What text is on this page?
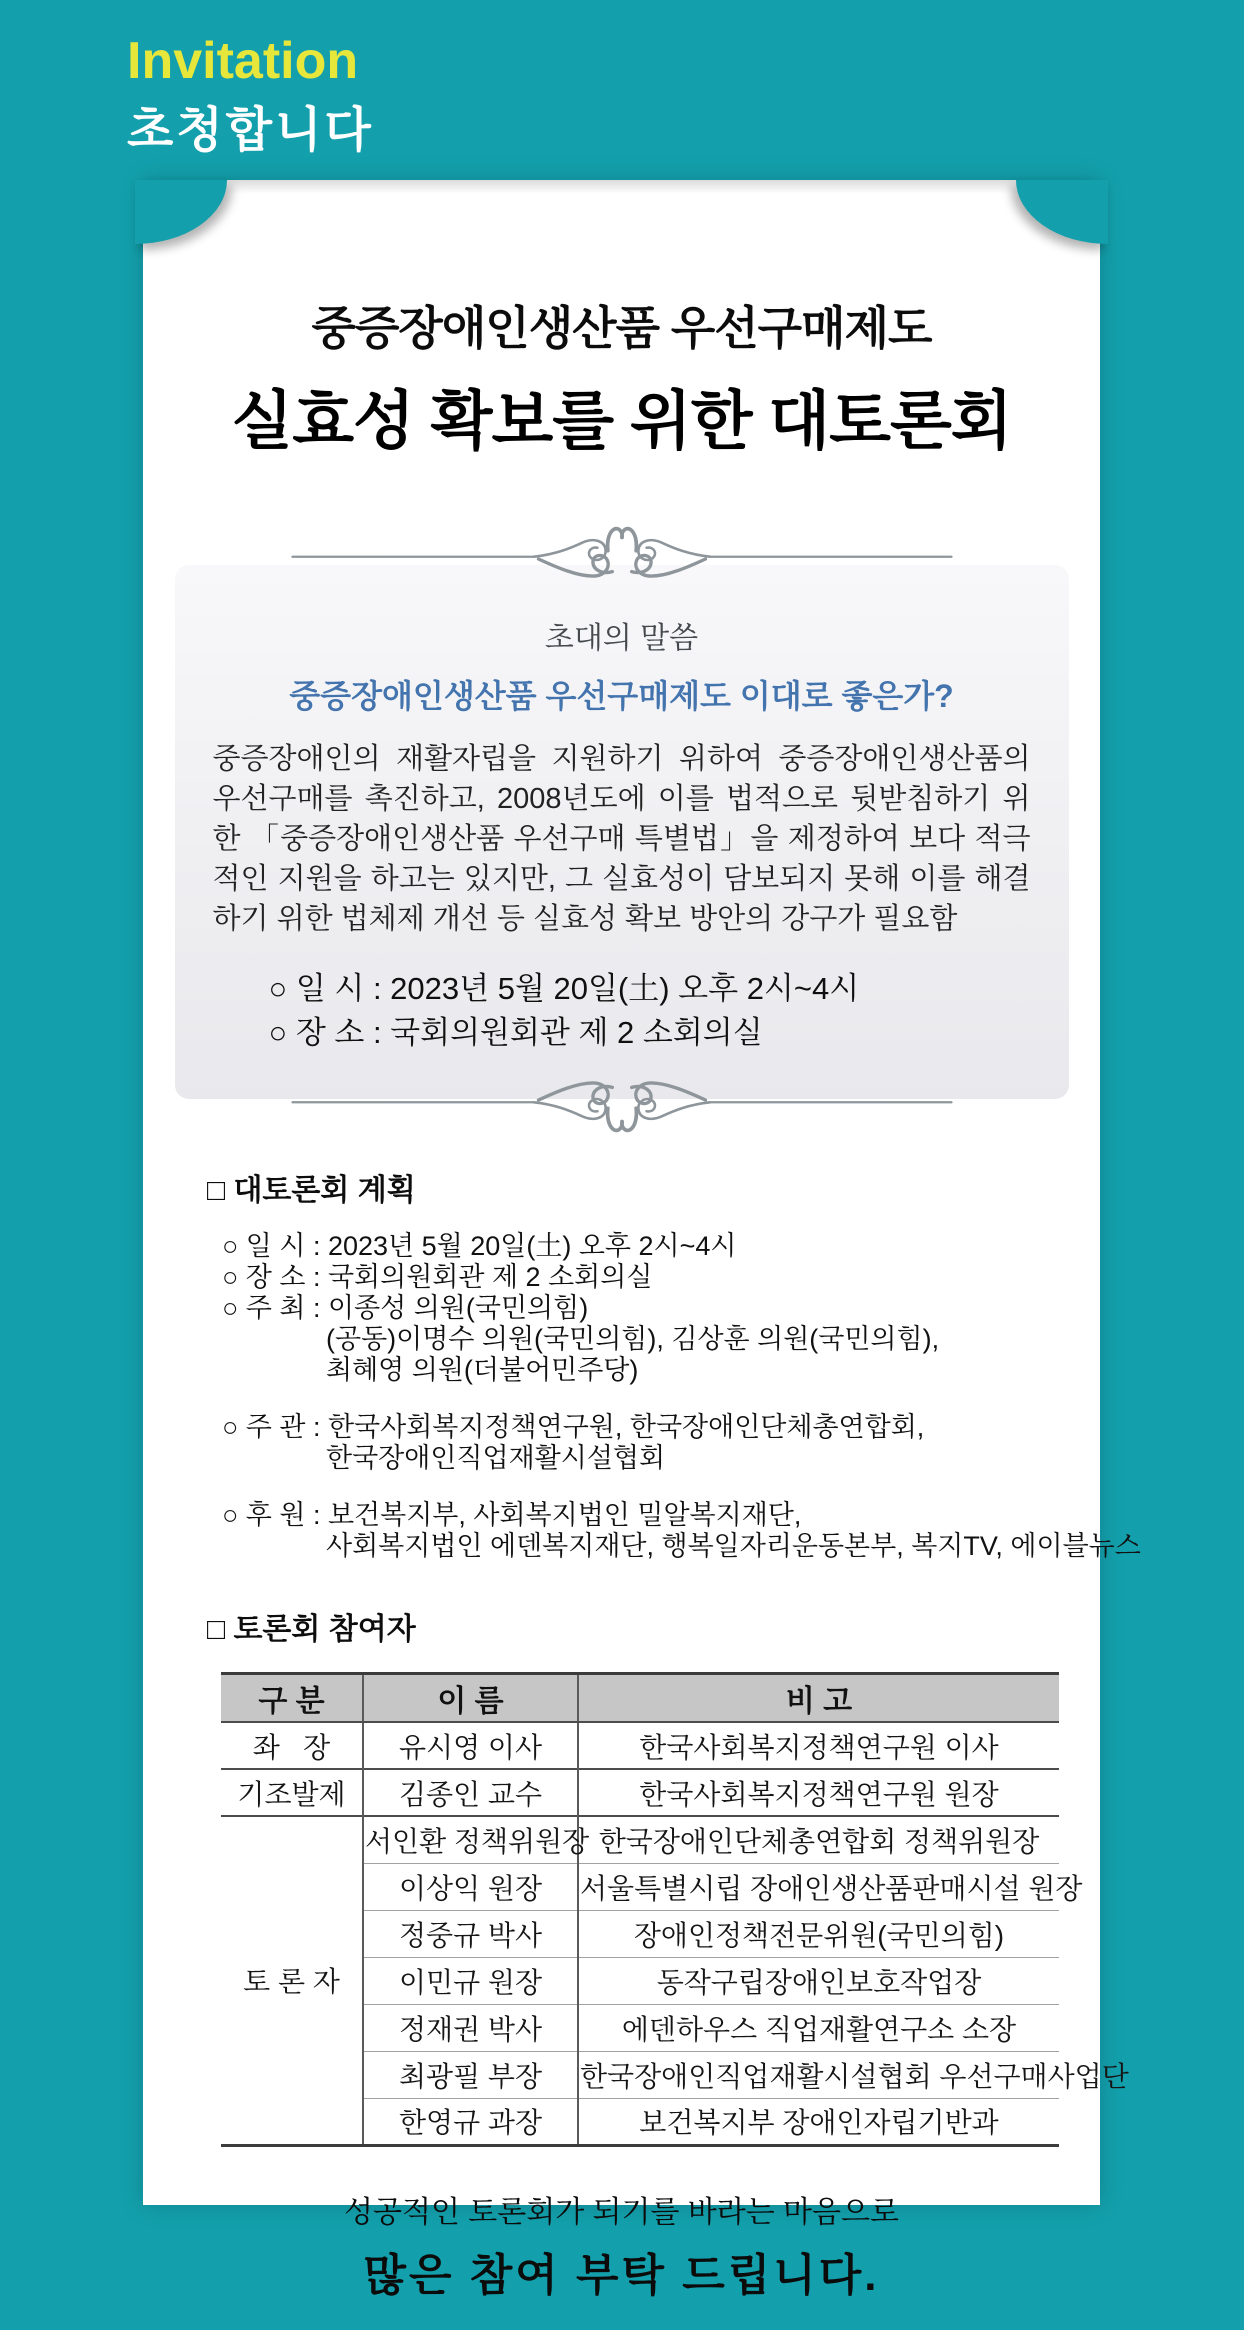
Invitation
초청합니다
중증장애인생산품 우선구매제도
실효성 확보를 위한 대토론회
초대의 말씀
중증장애인생산품 우선구매제도 이대로 좋은가?

중증장애인의 재활자립을 지원하기 위하여 중증장애인생산품의 우선구매를 촉진하고, 2008년도에 이를 법적으로 뒷받침하기 위한 「중증장애인생산품 우선구매 특별법」을 제정하여 보다 적극적인 지원을 하고는 있지만, 그 실효성이 담보되지 못해 이를 해결하기 위한 법체제 개선 등 실효성 확보 방안의 강구가 필요함

○ 일 시 : 2023년 5월 20일(土) 오후 2시~4시
○ 장 소 : 국회의원회관 제 2 소회의실
□ 대토론회 계획
○ 일 시 : 2023년 5월 20일(土) 오후 2시~4시
○ 장 소 : 국회의원회관 제 2 소회의실
○ 주 최 : 이종성 의원(국민의힘)
(공동)이명수 의원(국민의힘), 김상훈 의원(국민의힘),
최혜영 의원(더불어민주당)
○ 주 관 : 한국사회복지정책연구원, 한국장애인단체총연합회,
한국장애인직업재활시설협회
○ 후 원 : 보건복지부, 사회복지법인 밀알복지재단,
사회복지법인 에덴복지재단, 행복일자리운동본부, 복지TV, 에이블뉴스
□ 토론회 참여자
구 분	이 름	비 고
좌   장	유시영 이사	한국사회복지정책연구원 이사
기조발제	김종인 교수	한국사회복지정책연구원 원장
토 론 자	서인환 정책위원장	한국장애인단체총연합회 정책위원장
	이상익 원장	서울특별시립 장애인생산품판매시설 원장
	정중규 박사	장애인정책전문위원(국민의힘)
	이민규 원장	동작구립장애인보호작업장
	정재권 박사	에덴하우스 직업재활연구소 소장
	최광필 부장	한국장애인직업재활시설협회 우선구매사업단
	한영규 과장	보건복지부 장애인자립기반과
성공적인 토론회가 되기를 바라는 마음으로
많은 참여 부탁 드립니다.
